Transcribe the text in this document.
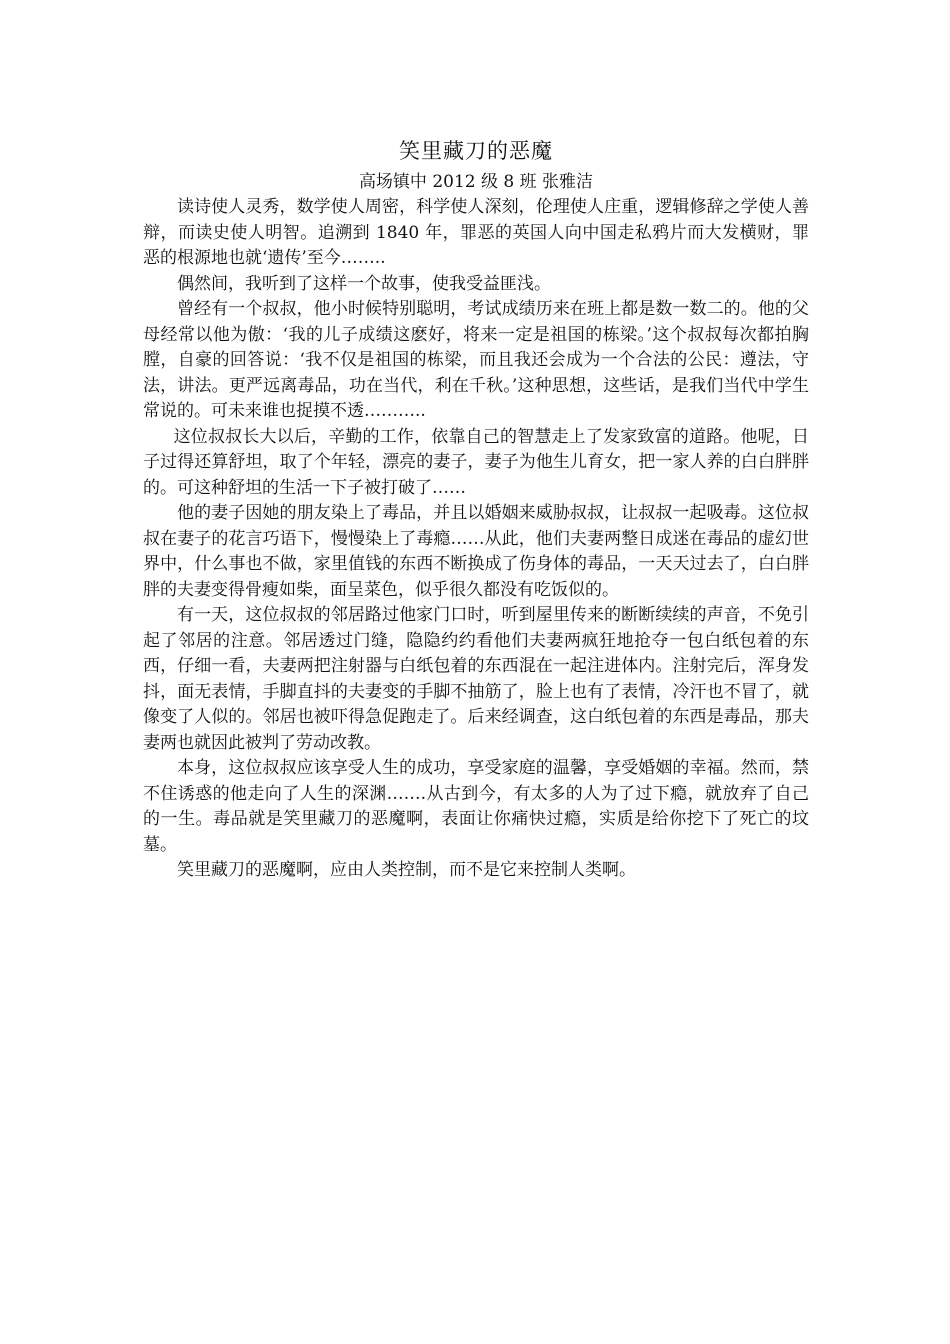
笑里藏刀的恶魔

高场镇中 2012 级 8 班 张雅洁

读诗使人灵秀，数学使人周密，科学使人深刻，伦理使人庄重，逻辑修辞之学使人善辩，而读史使人明智。追溯到 1840 年，罪恶的英国人向中国走私鸦片而大发横财，罪恶的根源地也就‘遗传’至今……..

偶然间，我听到了这样一个故事，使我受益匪浅。

曾经有一个叔叔，他小时候特别聪明，考试成绩历来在班上都是数一数二的。他的父母经常以他为傲：‘我的儿子成绩这麽好，将来一定是祖国的栋梁。’这个叔叔每次都拍胸膛，自豪的回答说：‘我不仅是祖国的栋梁，而且我还会成为一个合法的公民：遵法，守法，讲法。更严远离毒品，功在当代，利在千秋。’这种思想，这些话，是我们当代中学生常说的。可未来谁也捉摸不透………..

这位叔叔长大以后，辛勤的工作，依靠自己的智慧走上了发家致富的道路。他呢，日子过得还算舒坦，取了个年轻，漂亮的妻子，妻子为他生儿育女，把一家人养的白白胖胖的。可这种舒坦的生活一下子被打破了……

他的妻子因她的朋友染上了毒品，并且以婚姻来威胁叔叔，让叔叔一起吸毒。这位叔叔在妻子的花言巧语下，慢慢染上了毒瘾……从此，他们夫妻两整日成迷在毒品的虚幻世界中，什么事也不做，家里值钱的东西不断换成了伤身体的毒品，一天天过去了，白白胖胖的夫妻变得骨瘦如柴，面呈菜色，似乎很久都没有吃饭似的。

有一天，这位叔叔的邻居路过他家门口时，听到屋里传来的断断续续的声音，不免引起了邻居的注意。邻居透过门缝，隐隐约约看他们夫妻两疯狂地抢夺一包白纸包着的东西，仔细一看，夫妻两把注射器与白纸包着的东西混在一起注进体内。注射完后，浑身发抖，面无表情，手脚直抖的夫妻变的手脚不抽筋了，脸上也有了表情，冷汗也不冒了，就像变了人似的。邻居也被吓得急促跑走了。后来经调查，这白纸包着的东西是毒品，那夫妻两也就因此被判了劳动改教。

本身，这位叔叔应该享受人生的成功，享受家庭的温馨，享受婚姻的幸福。然而，禁不住诱惑的他走向了人生的深渊…….从古到今，有太多的人为了过下瘾，就放弃了自己的一生。毒品就是笑里藏刀的恶魔啊，表面让你痛快过瘾，实质是给你挖下了死亡的坟墓。

笑里藏刀的恶魔啊，应由人类控制，而不是它来控制人类啊。
